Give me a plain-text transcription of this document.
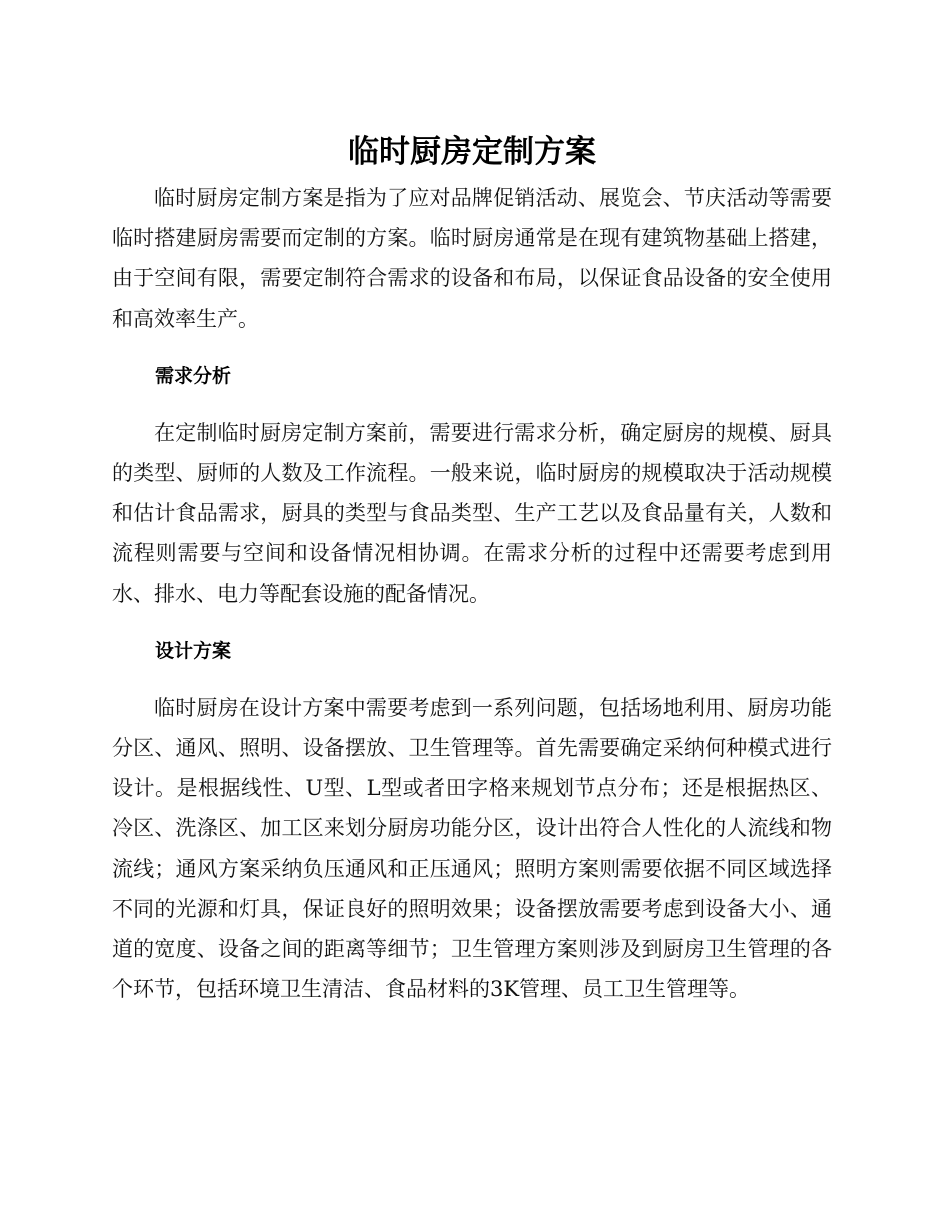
临时厨房定制方案

临时厨房定制方案是指为了应对品牌促销活动、展览会、节庆活动等需要临时搭建厨房需要而定制的方案。临时厨房通常是在现有建筑物基础上搭建，由于空间有限，需要定制符合需求的设备和布局，以保证食品设备的安全使用和高效率生产。

需求分析

在定制临时厨房定制方案前，需要进行需求分析，确定厨房的规模、厨具的类型、厨师的人数及工作流程。一般来说，临时厨房的规模取决于活动规模和估计食品需求，厨具的类型与食品类型、生产工艺以及食品量有关，人数和流程则需要与空间和设备情况相协调。在需求分析的过程中还需要考虑到用水、排水、电力等配套设施的配备情况。

设计方案

临时厨房在设计方案中需要考虑到一系列问题，包括场地利用、厨房功能分区、通风、照明、设备摆放、卫生管理等。首先需要确定采纳何种模式进行设计。是根据线性、U型、L型或者田字格来规划节点分布；还是根据热区、冷区、洗涤区、加工区来划分厨房功能分区，设计出符合人性化的人流线和物流线；通风方案采纳负压通风和正压通风；照明方案则需要依据不同区域选择不同的光源和灯具，保证良好的照明效果；设备摆放需要考虑到设备大小、通道的宽度、设备之间的距离等细节；卫生管理方案则涉及到厨房卫生管理的各个环节，包括环境卫生清洁、食品材料的3K管理、员工卫生管理等。
